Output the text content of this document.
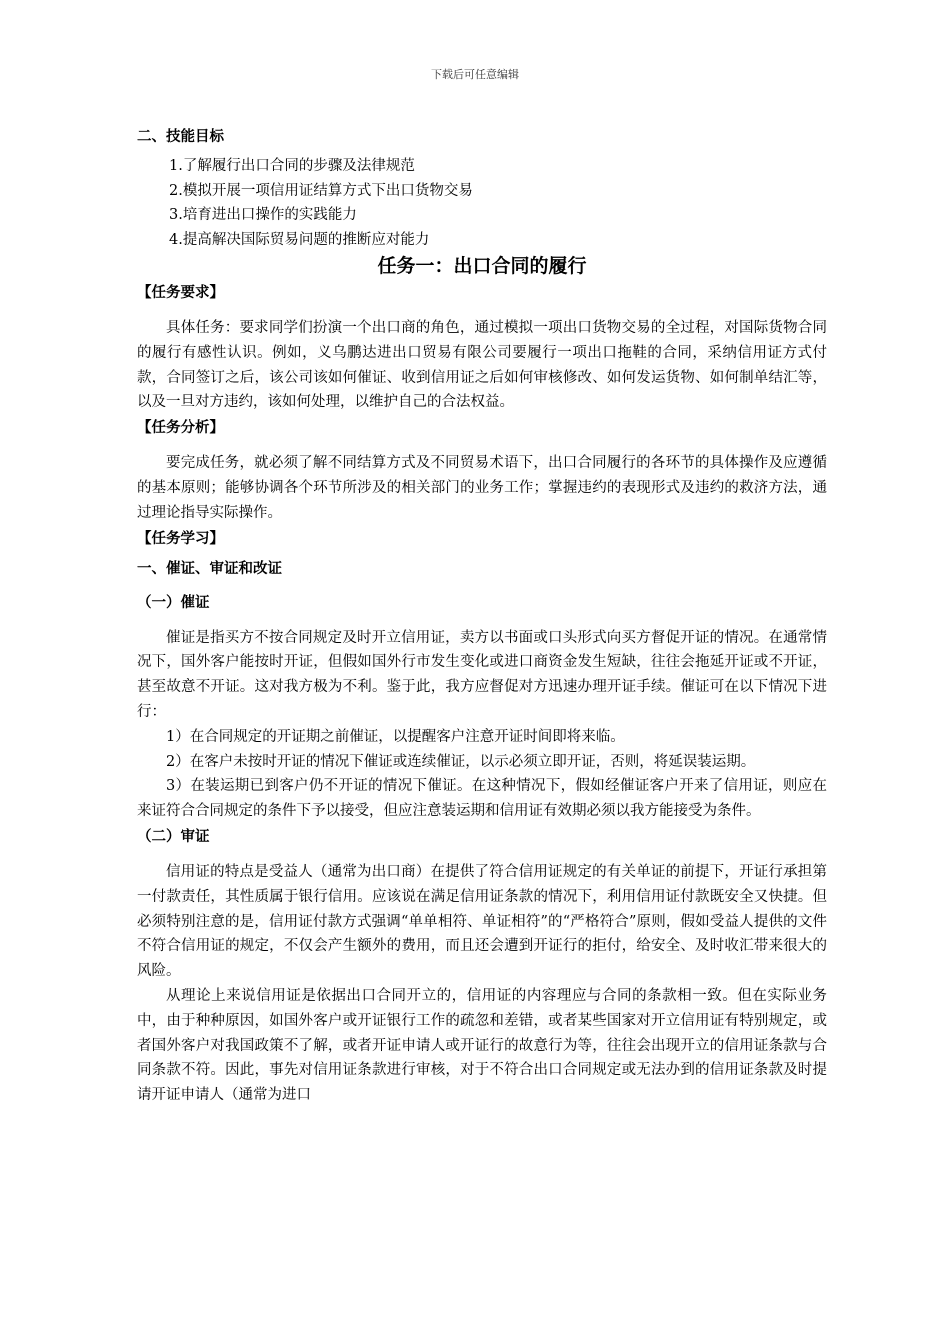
下载后可任意编辑
二、技能目标
1.了解履行出口合同的步骤及法律规范
2.模拟开展一项信用证结算方式下出口货物交易
3.培育进出口操作的实践能力
4.提高解决国际贸易问题的推断应对能力
任务一：出口合同的履行
【任务要求】

具体任务：要求同学们扮演一个出口商的角色，通过模拟一项出口货物交易的全过程，对国际货物合同的履行有感性认识。例如，义乌鹏达进出口贸易有限公司要履行一项出口拖鞋的合同，采纳信用证方式付款，合同签订之后，该公司该如何催证、收到信用证之后如何审核修改、如何发运货物、如何制单结汇等，以及一旦对方违约，该如何处理，以维护自己的合法权益。

【任务分析】

要完成任务，就必须了解不同结算方式及不同贸易术语下，出口合同履行的各环节的具体操作及应遵循的基本原则；能够协调各个环节所涉及的相关部门的业务工作；掌握违约的表现形式及违约的救济方法，通过理论指导实际操作。

【任务学习】
一、催证、审证和改证
（一）催证

催证是指买方不按合同规定及时开立信用证，卖方以书面或口头形式向买方督促开证的情况。在通常情况下，国外客户能按时开证，但假如国外行市发生变化或进口商资金发生短缺，往往会拖延开证或不开证，甚至故意不开证。这对我方极为不利。鉴于此，我方应督促对方迅速办理开证手续。催证可在以下情况下进行：

1）在合同规定的开证期之前催证，以提醒客户注意开证时间即将来临。

2）在客户未按时开证的情况下催证或连续催证，以示必须立即开证，否则，将延误装运期。

3）在装运期已到客户仍不开证的情况下催证。在这种情况下，假如经催证客户开来了信用证，则应在来证符合合同规定的条件下予以接受，但应注意装运期和信用证有效期必须以我方能接受为条件。

（二）审证

信用证的特点是受益人（通常为出口商）在提供了符合信用证规定的有关单证的前提下，开证行承担第一付款责任，其性质属于银行信用。应该说在满足信用证条款的情况下，利用信用证付款既安全又快捷。但必须特别注意的是，信用证付款方式强调“单单相符、单证相符”的“严格符合”原则，假如受益人提供的文件不符合信用证的规定，不仅会产生额外的费用，而且还会遭到开证行的拒付，给安全、及时收汇带来很大的风险。

从理论上来说信用证是依据出口合同开立的，信用证的内容理应与合同的条款相一致。但在实际业务中，由于种种原因，如国外客户或开证银行工作的疏忽和差错，或者某些国家对开立信用证有特别规定，或者国外客户对我国政策不了解，或者开证申请人或开证行的故意行为等，往往会出现开立的信用证条款与合同条款不符。因此，事先对信用证条款进行审核，对于不符合出口合同规定或无法办到的信用证条款及时提请开证申请人（通常为进口
